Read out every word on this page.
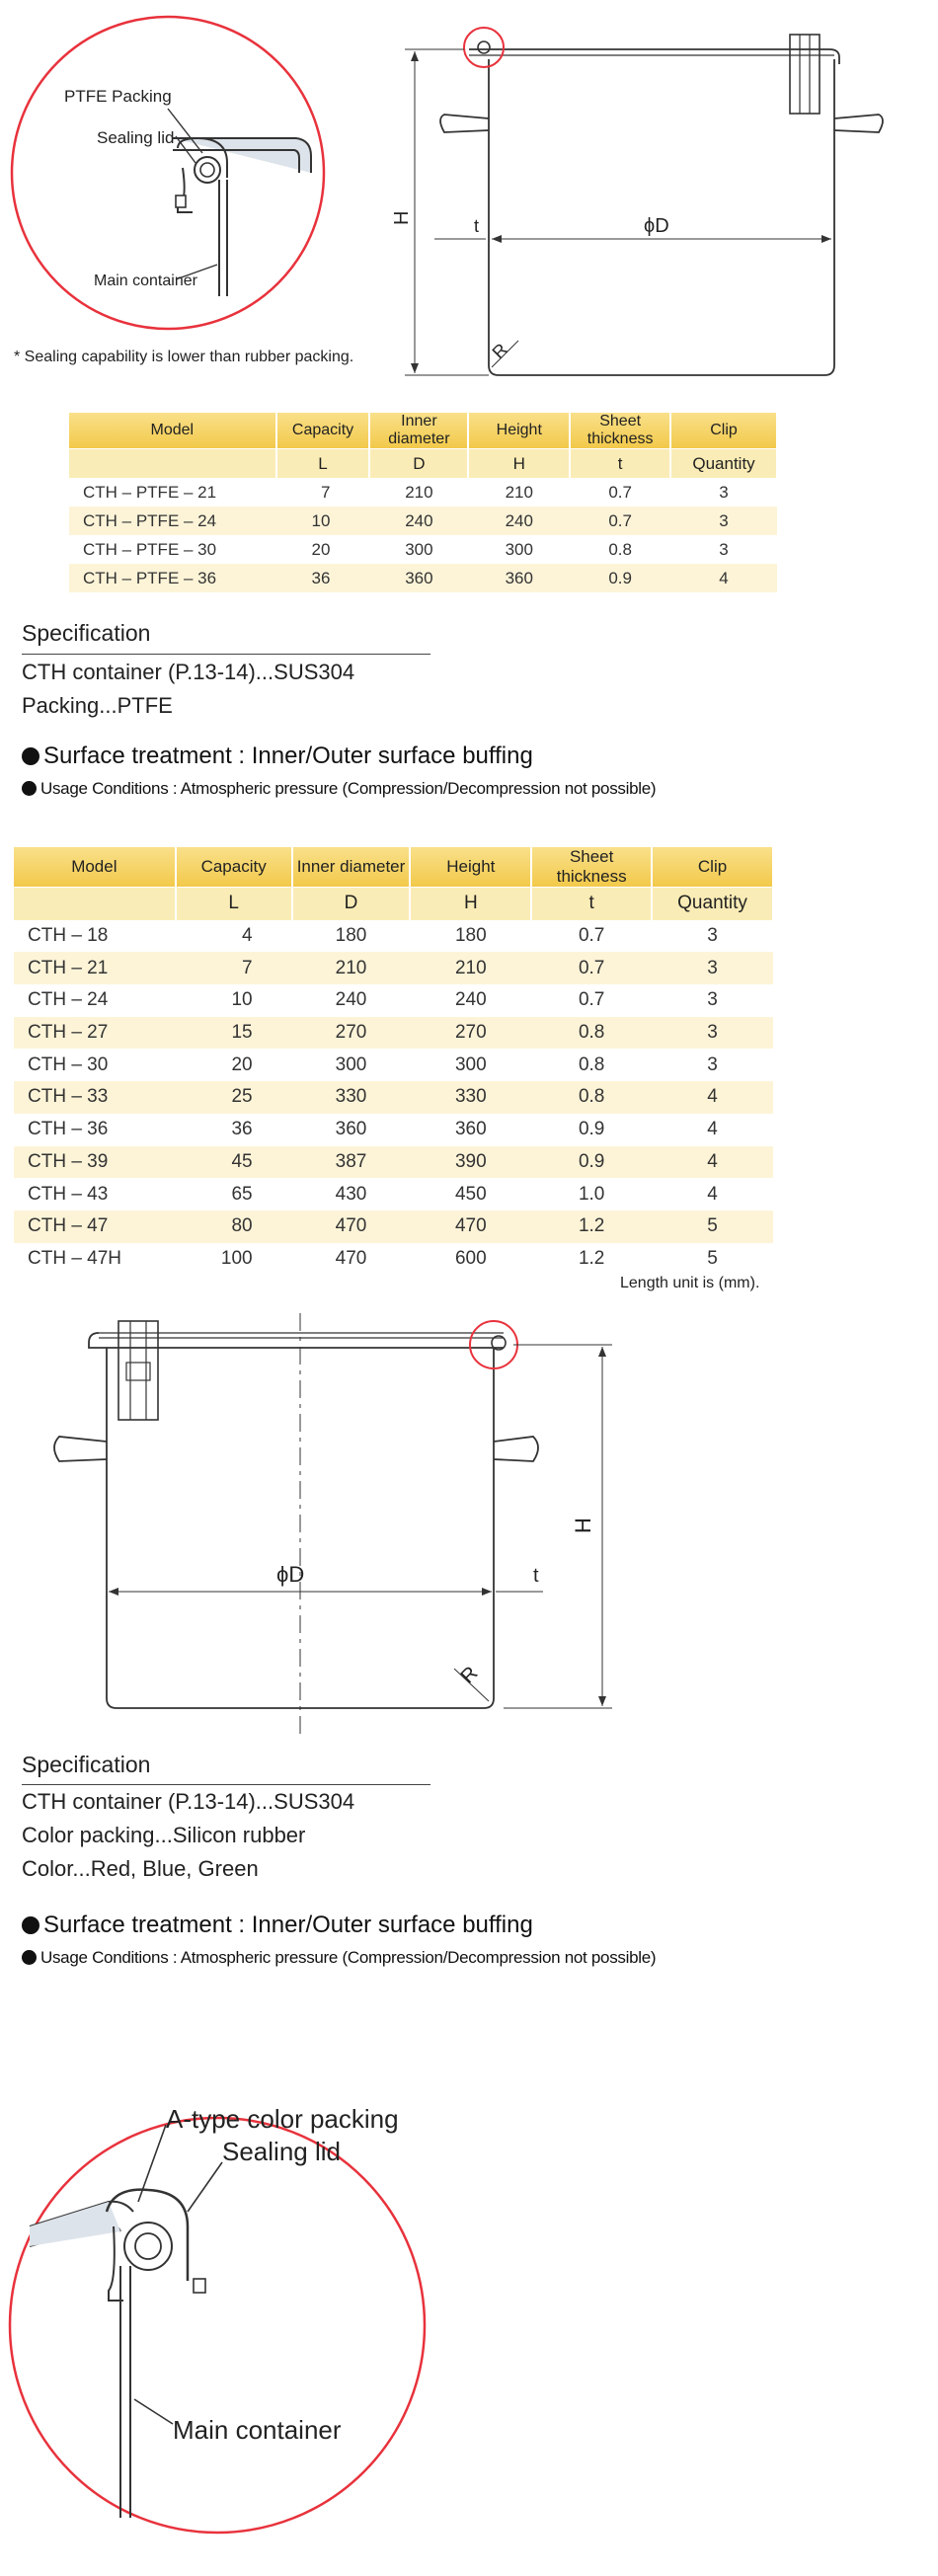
PTFE Packing
Sealing lid
Main container
* Sealing capability is lower than rubber packing.
H	t	ϕD
R
Model	Capacity	Inner diameter	Height	Sheet thickness	Clip
	L	D	H	t	Quantity
CTH – PTFE – 21	7	210	210	0.7	3
CTH – PTFE – 24	10	240	240	0.7	3
CTH – PTFE – 30	20	300	300	0.8	3
CTH – PTFE – 36	36	360	360	0.9	4
Specification
CTH container (P.13-14)...SUS304
Packing...PTFE
Surface treatment : Inner/Outer surface buffing
Usage Conditions : Atmospheric pressure (Compression/Decompression not possible)
Model	Capacity	Inner diameter	Height	Sheet thickness	Clip
	L	D	H	t	Quantity
CTH – 18	4	180	180	0.7	3
CTH – 21	7	210	210	0.7	3
CTH – 24	10	240	240	0.7	3
CTH – 27	15	270	270	0.8	3
CTH – 30	20	300	300	0.8	3
CTH – 33	25	330	330	0.8	4
CTH – 36	36	360	360	0.9	4
CTH – 39	45	387	390	0.9	4
CTH – 43	65	430	450	1.0	4
CTH – 47	80	470	470	1.2	5
CTH – 47H	100	470	600	1.2	5
Length unit is (mm).
ϕD	t
H
R
Specification
CTH container (P.13-14)...SUS304
Color packing...Silicon rubber
Color...Red, Blue, Green
Surface treatment : Inner/Outer surface buffing
Usage Conditions : Atmospheric pressure (Compression/Decompression not possible)
A-type color packing
Sealing lid
Main container
